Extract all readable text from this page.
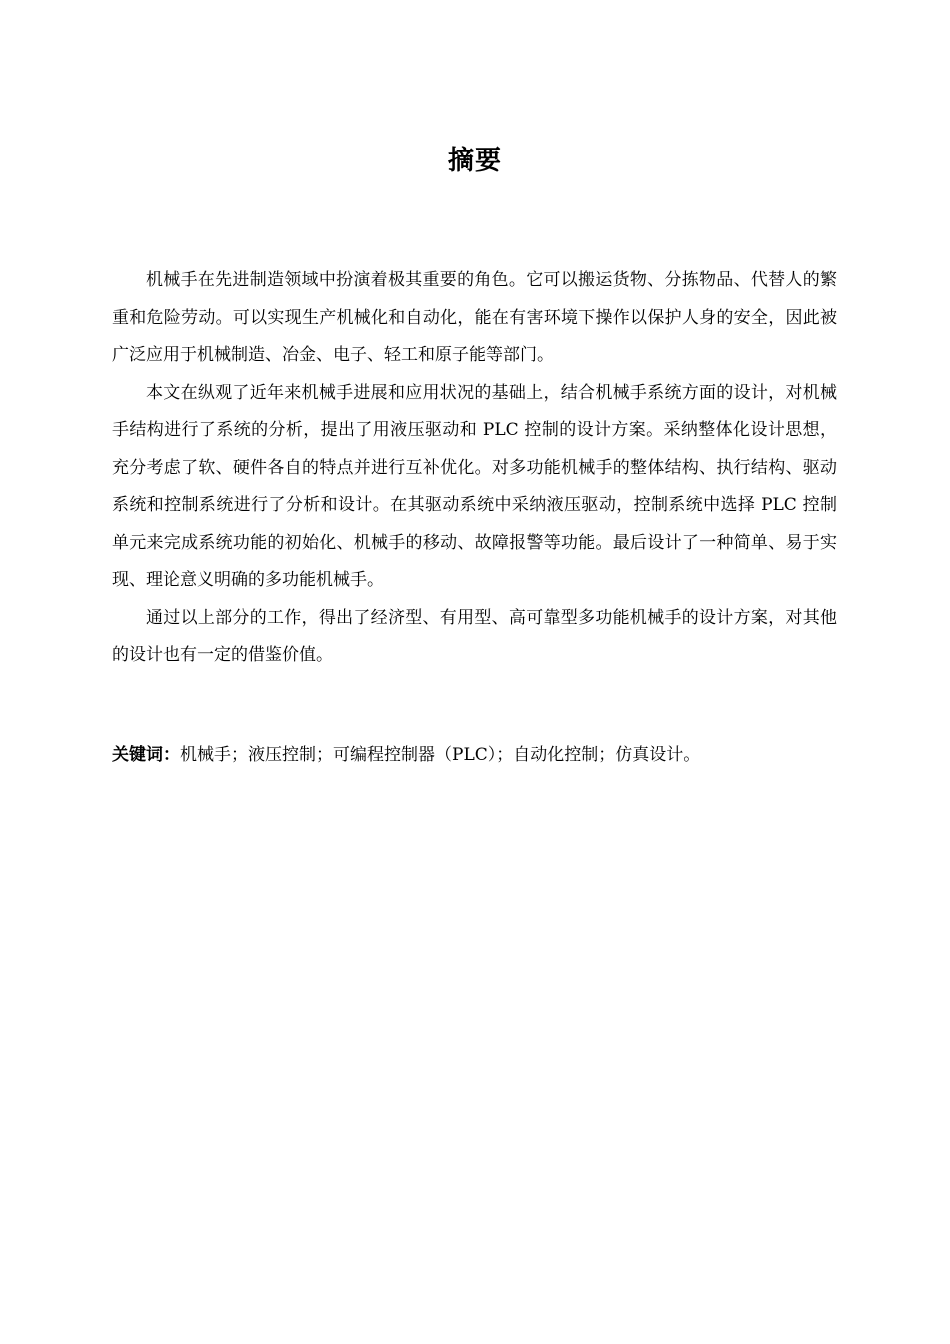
摘要

机械手在先进制造领域中扮演着极其重要的角色。它可以搬运货物、分拣物品、代替人的繁重和危险劳动。可以实现生产机械化和自动化，能在有害环境下操作以保护人身的安全，因此被广泛应用于机械制造、冶金、电子、轻工和原子能等部门。

本文在纵观了近年来机械手进展和应用状况的基础上，结合机械手系统方面的设计，对机械手结构进行了系统的分析，提出了用液压驱动和 PLC 控制的设计方案。采纳整体化设计思想，充分考虑了软、硬件各自的特点并进行互补优化。对多功能机械手的整体结构、执行结构、驱动系统和控制系统进行了分析和设计。在其驱动系统中采纳液压驱动，控制系统中选择 PLC 控制单元来完成系统功能的初始化、机械手的移动、故障报警等功能。最后设计了一种简单、易于实现、理论意义明确的多功能机械手。

通过以上部分的工作，得出了经济型、有用型、高可靠型多功能机械手的设计方案，对其他的设计也有一定的借鉴价值。

关键词：机械手；液压控制；可编程控制器（PLC）；自动化控制；仿真设计。
